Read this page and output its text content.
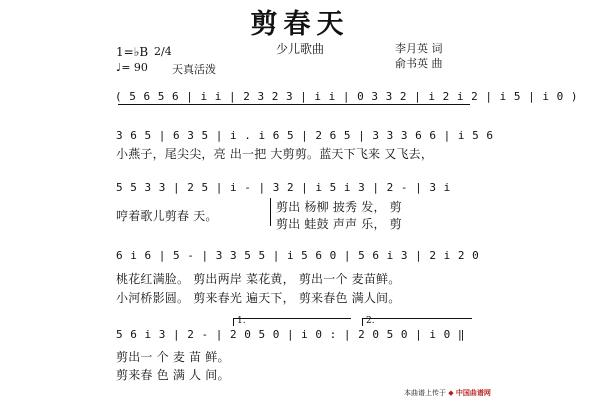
剪春天
少儿歌曲	李月英 词
俞书英 曲
1=♭B 2/4
♩= 90 天真活泼
( 5 6 5 6 | i i | 2 3 2 3 | i i | 0 3 3 2 | i 2 i 2 | i 5 | i 0 )
3 6 5 | 6 3 5 | i . i 6 5 | 2 6 5 | 3 3 3 6 6 | i 5 6
小燕子，尾尖尖，亮 出一把 大剪剪。蓝天下飞来 又飞去，
5 5 3 3 | 2 5 | i - | 3 2 | i 5 i 3 | 2 - | 3 i
哼着歌儿剪春 天。
剪出 杨柳 披秀 发， 剪
剪出 蛙鼓 声声 乐， 剪
6 i 6 | 5 - | 3 3 5 5 | i 5 6 0 | 5 6 i 3 | 2 i 2 0
桃花红满脸。 剪出两岸 菜花黄， 剪出一个 麦苗鲜。
小河桥影圆。 剪来春光 遍天下， 剪来春色 满人间。
1.	2.
5 6 i 3 | 2 - | 2 0 5 0 | i 0 : | 2 0 5 0 | i 0 ‖
剪出一 个 麦 苗 鲜。
剪来春 色 满 人 间。
本曲谱上传于 ◆ 中国曲谱网
